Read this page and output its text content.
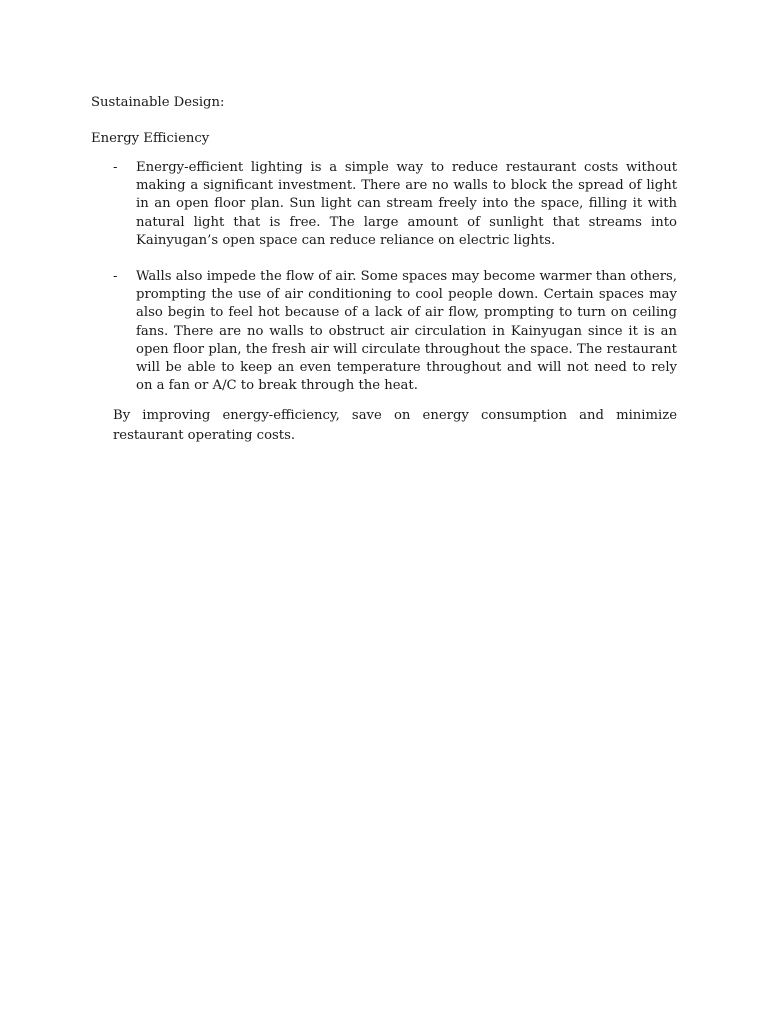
Sustainable Design:
Energy Efficiency
- Energy-efficient lighting is a simple way to reduce restaurant costs without making a significant investment. There are no walls to block the spread of light in an open floor plan. Sun light can stream freely into the space, filling it with natural light that is free. The large amount of sunlight that streams into Kainyugan’s open space can reduce reliance on electric lights.
- Walls also impede the flow of air. Some spaces may become warmer than others, prompting the use of air conditioning to cool people down. Certain spaces may also begin to feel hot because of a lack of air flow, prompting to turn on ceiling fans. There are no walls to obstruct air circulation in Kainyugan since it is an open floor plan, the fresh air will circulate throughout the space. The restaurant will be able to keep an even temperature throughout and will not need to rely on a fan or A/C to break through the heat.
By improving energy-efficiency, save on energy consumption and minimize restaurant operating costs.
